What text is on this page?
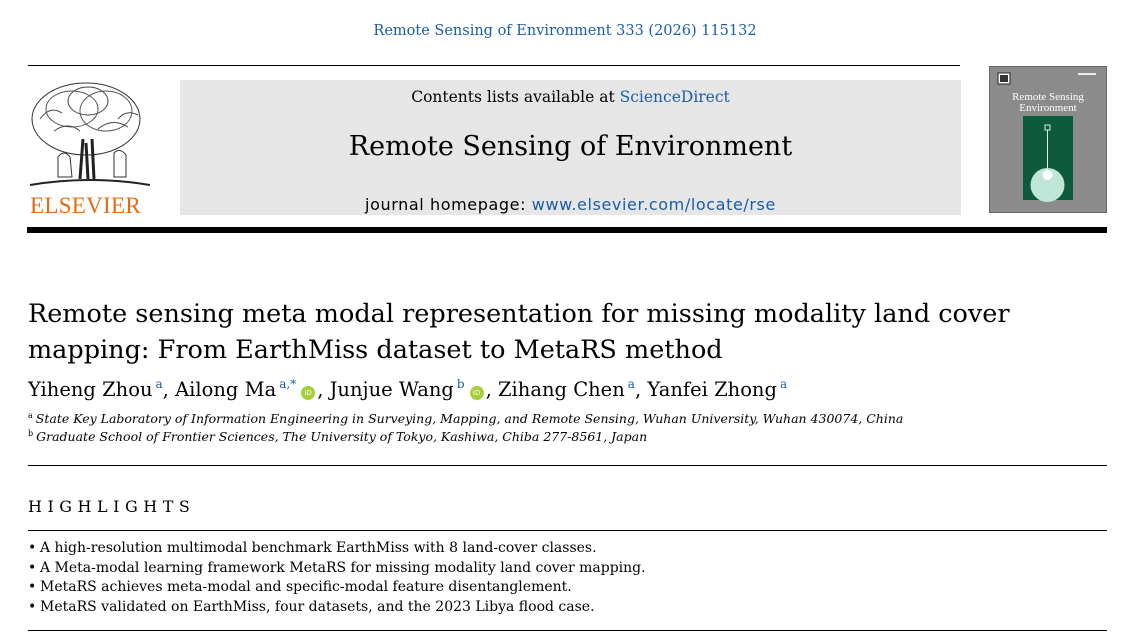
Remote Sensing of Environment 333 (2026) 115132
ELSEVIER
Contents lists available at ScienceDirect
Remote Sensing of Environment
journal homepage: www.elsevier.com/locate/rse
Remote Sensing
Environment
Remote sensing meta modal representation for missing modality land cover mapping: From EarthMiss dataset to MetaRS method
Yiheng Zhou $^a$, Ailong Ma $^{a,*}$iD , Junjue Wang $^b$iD , Zihang Chen $^a$, Yanfei Zhong $^a$
$^a$ State Key Laboratory of Information Engineering in Surveying, Mapping, and Remote Sensing, Wuhan University, Wuhan 430074, China
$^b$ Graduate School of Frontier Sciences, The University of Tokyo, Kashiwa, Chiba 277-8561, Japan
HIGHLIGHTS
• A high-resolution multimodal benchmark EarthMiss with 8 land-cover classes.
• A Meta-modal learning framework MetaRS for missing modality land cover mapping.
• MetaRS achieves meta-modal and specific-modal feature disentanglement.
• MetaRS validated on EarthMiss, four datasets, and the 2023 Libya flood case.
